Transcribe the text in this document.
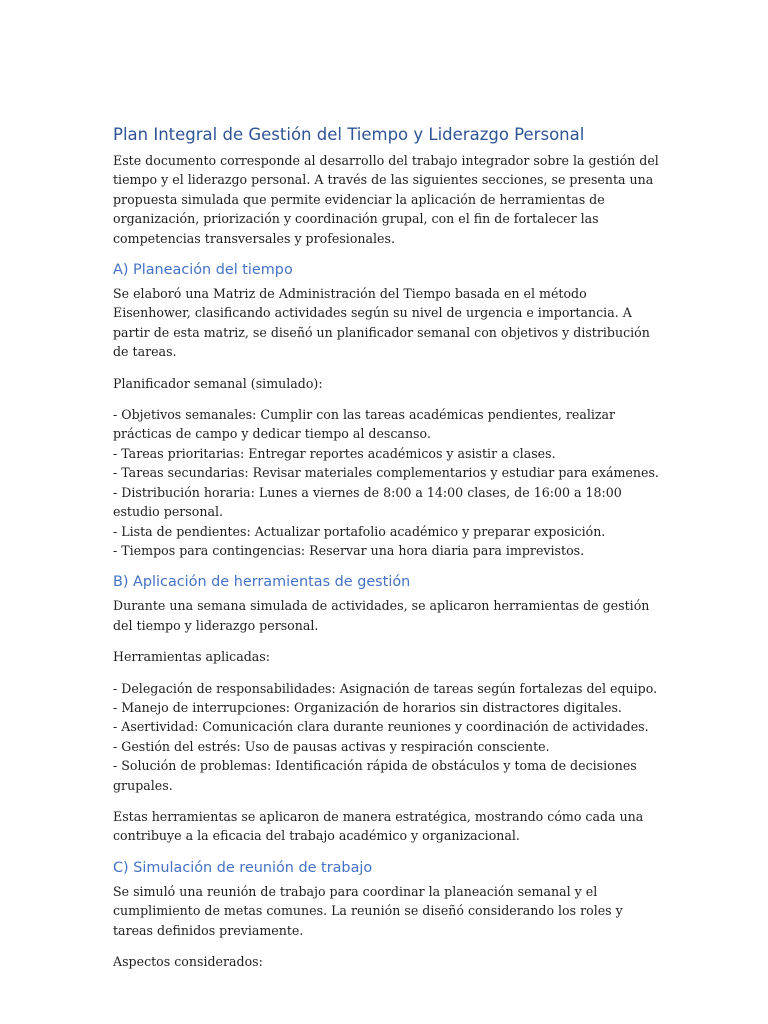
Plan Integral de Gestión del Tiempo y Liderazgo Personal

Este documento corresponde al desarrollo del trabajo integrador sobre la gestión del tiempo y el liderazgo personal. A través de las siguientes secciones, se presenta una propuesta simulada que permite evidenciar la aplicación de herramientas de organización, priorización y coordinación grupal, con el fin de fortalecer las competencias transversales y profesionales.

A) Planeación del tiempo

Se elaboró una Matriz de Administración del Tiempo basada en el método Eisenhower, clasificando actividades según su nivel de urgencia e importancia. A partir de esta matriz, se diseñó un planificador semanal con objetivos y distribución de tareas.

Planificador semanal (simulado):

- Objetivos semanales: Cumplir con las tareas académicas pendientes, realizar prácticas de campo y dedicar tiempo al descanso.
- Tareas prioritarias: Entregar reportes académicos y asistir a clases.
- Tareas secundarias: Revisar materiales complementarios y estudiar para exámenes.
- Distribución horaria: Lunes a viernes de 8:00 a 14:00 clases, de 16:00 a 18:00 estudio personal.
- Lista de pendientes: Actualizar portafolio académico y preparar exposición.
- Tiempos para contingencias: Reservar una hora diaria para imprevistos.
B) Aplicación de herramientas de gestión

Durante una semana simulada de actividades, se aplicaron herramientas de gestión del tiempo y liderazgo personal.

Herramientas aplicadas:

- Delegación de responsabilidades: Asignación de tareas según fortalezas del equipo.
- Manejo de interrupciones: Organización de horarios sin distractores digitales.
- Asertividad: Comunicación clara durante reuniones y coordinación de actividades.
- Gestión del estrés: Uso de pausas activas y respiración consciente.
- Solución de problemas: Identificación rápida de obstáculos y toma de decisiones grupales.

Estas herramientas se aplicaron de manera estratégica, mostrando cómo cada una contribuye a la eficacia del trabajo académico y organizacional.

C) Simulación de reunión de trabajo

Se simuló una reunión de trabajo para coordinar la planeación semanal y el cumplimiento de metas comunes. La reunión se diseñó considerando los roles y tareas definidos previamente.

Aspectos considerados:
